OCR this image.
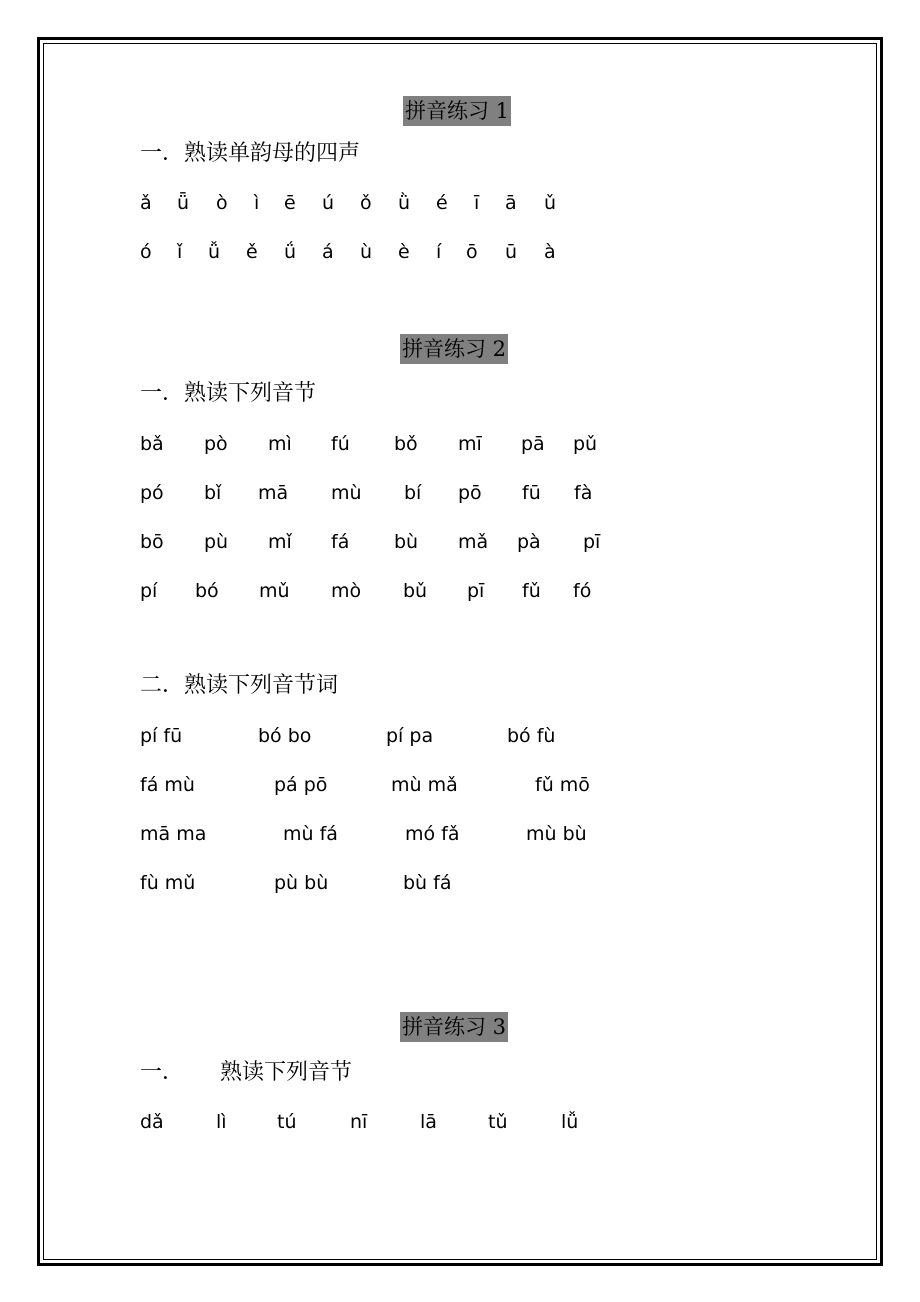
拼音练习 1
一．熟读单韵母的四声
ǎ ǖ ò ì ē ú ǒ ǜ é ī ā ǔ
ó ǐ ǚ ě ǘ á ù è í ō ū à
拼音练习 2
一．熟读下列音节
bǎ pò mì fú bǒ mī pā pǔ
pó bǐ mā mù bí pō fū fà
bō pù mǐ fá bù mǎ pà pī
pí bó mǔ mò bǔ pī fǔ fó
二．熟读下列音节词
pí fū	bó bo	pí pa	bó fù
fá mù	pá pō	mù mǎ	fǔ mō
mā ma	mù fá	mó fǎ	mù bù
fù mǔ	pù bù	bù fá
拼音练习 3
一． 熟读下列音节
dǎ	lì	tú	nī	lā	tǔ	lǚ
